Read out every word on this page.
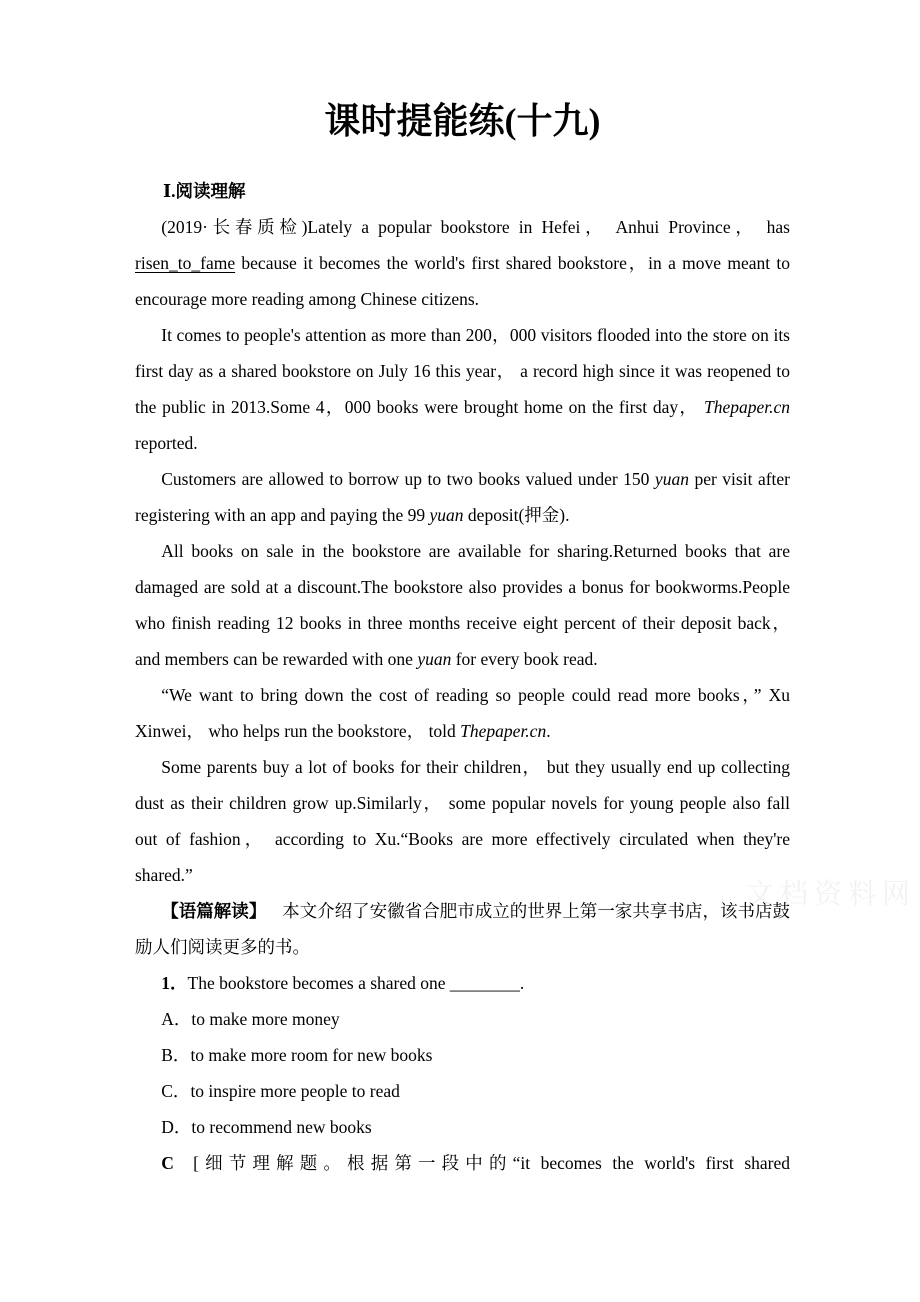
课时提能练(十九)

Ⅰ.阅读理解

(2019·长春质检)Lately a popular bookstore in Hefei， Anhui Province， has risen_to_fame because it becomes the world's first shared bookstore，in a move meant to encourage more reading among Chinese citizens.

It comes to people's attention as more than 200，000 visitors flooded into the store on its first day as a shared bookstore on July 16 this year， a record high since it was reopened to the public in 2013.Some 4，000 books were brought home on the first day， Thepaper.cn reported.

Customers are allowed to borrow up to two books valued under 150 yuan per visit after registering with an app and paying the 99 yuan deposit(押金).

All books on sale in the bookstore are available for sharing.Returned books that are damaged are sold at a discount.The bookstore also provides a bonus for bookworms.People who finish reading 12 books in three months receive eight percent of their deposit back， and members can be rewarded with one yuan for every book read.

“We want to bring down the cost of reading so people could read more books，” Xu Xinwei， who helps run the bookstore， told Thepaper.cn.

Some parents buy a lot of books for their children， but they usually end up collecting dust as their children grow up.Similarly， some popular novels for young people also fall out of fashion， according to Xu.“Books are more effectively circulated when they're shared.”

【语篇解读】 本文介绍了安徽省合肥市成立的世界上第一家共享书店，该书店鼓励人们阅读更多的书。

1．The bookstore becomes a shared one ________.

A．to make more money

B．to make more room for new books

C．to inspire more people to read

D．to recommend new books

C [细节理解题。根据第一段中的“it becomes the world's first shared

文档资料网
